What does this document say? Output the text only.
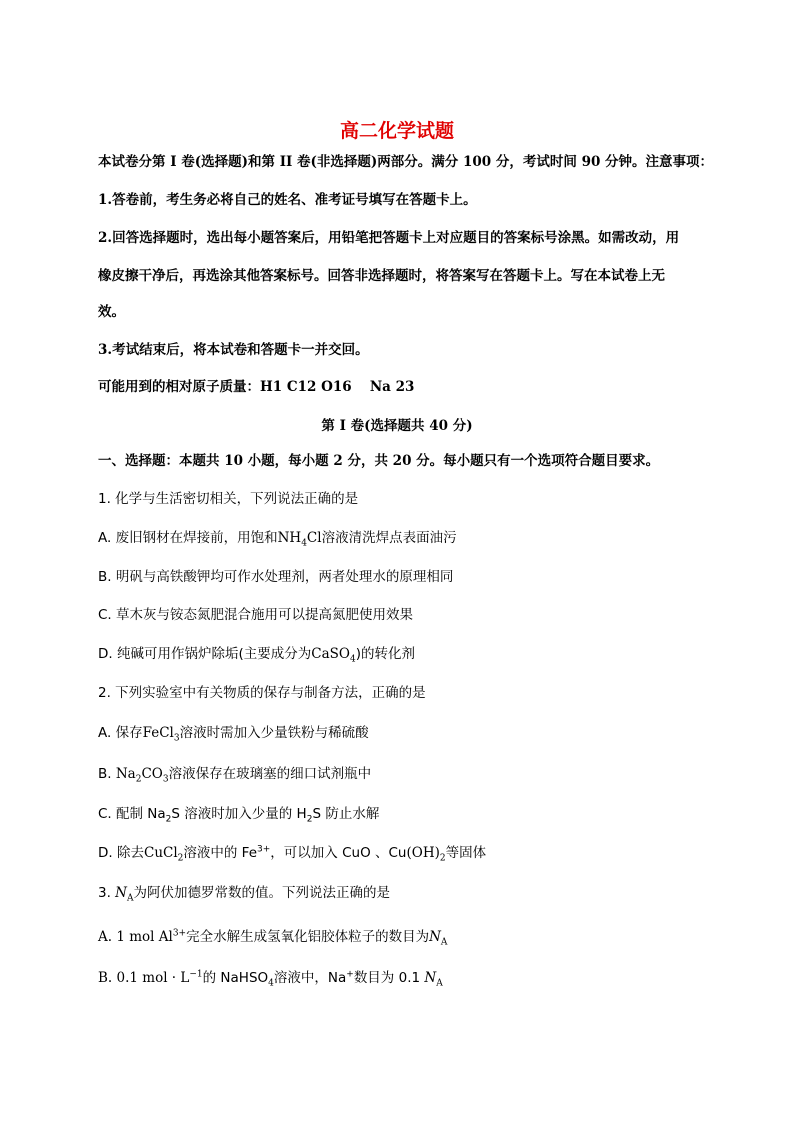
高二化学试题
本试卷分第 I 卷(选择题)和第 II 卷(非选择题)两部分。满分 100 分，考试时间 90 分钟。注意事项：
1.答卷前，考生务必将自己的姓名、准考证号填写在答题卡上。
2.回答选择题时，选出每小题答案后，用铅笔把答题卡上对应题目的答案标号涂黑。如需改动，用
橡皮擦干净后，再选涂其他答案标号。回答非选择题时，将答案写在答题卡上。写在本试卷上无
效。
3.考试结束后，将本试卷和答题卡一并交回。
可能用到的相对原子质量：H1 C12 O16 　Na 23
第 I 卷(选择题共 40 分)
一、选择题：本题共 10 小题，每小题 2 分，共 20 分。每小题只有一个选项符合题目要求。
1. 化学与生活密切相关，下列说法正确的是
A. 废旧钢材在焊接前，用饱和$NH_4Cl$溶液清洗焊点表面油污
B. 明矾与高铁酸钾均可作水处理剂，两者处理水的原理相同
C. 草木灰与铵态氮肥混合施用可以提高氮肥使用效果
D. 纯碱可用作锅炉除垢(主要成分为CaSO$_4$)的转化剂
2. 下列实验室中有关物质的保存与制备方法，正确的是
A. 保存FeCl$_3$溶液时需加入少量铁粉与稀硫酸
B. $Na_2CO_3$溶液保存在玻璃塞的细口试剂瓶中
C. 配制 $Na_2S$ 溶液时加入少量的 $H_2S$ 防止水解
D. 除去CuCl$_2$溶液中的 $Fe^{3+}$，可以加入 CuO 、$Cu(OH)_2$等固体
3. $N_A$为阿伏加德罗常数的值。下列说法正确的是
A. 1 mol $Al^{3+}$完全水解生成氢氧化铝胶体粒子的数目为$N_A$
B. 0.1 mol · $L^{-1}$的 NaHSO$_4$溶液中，Na+数目为 0.1 $N_A$
